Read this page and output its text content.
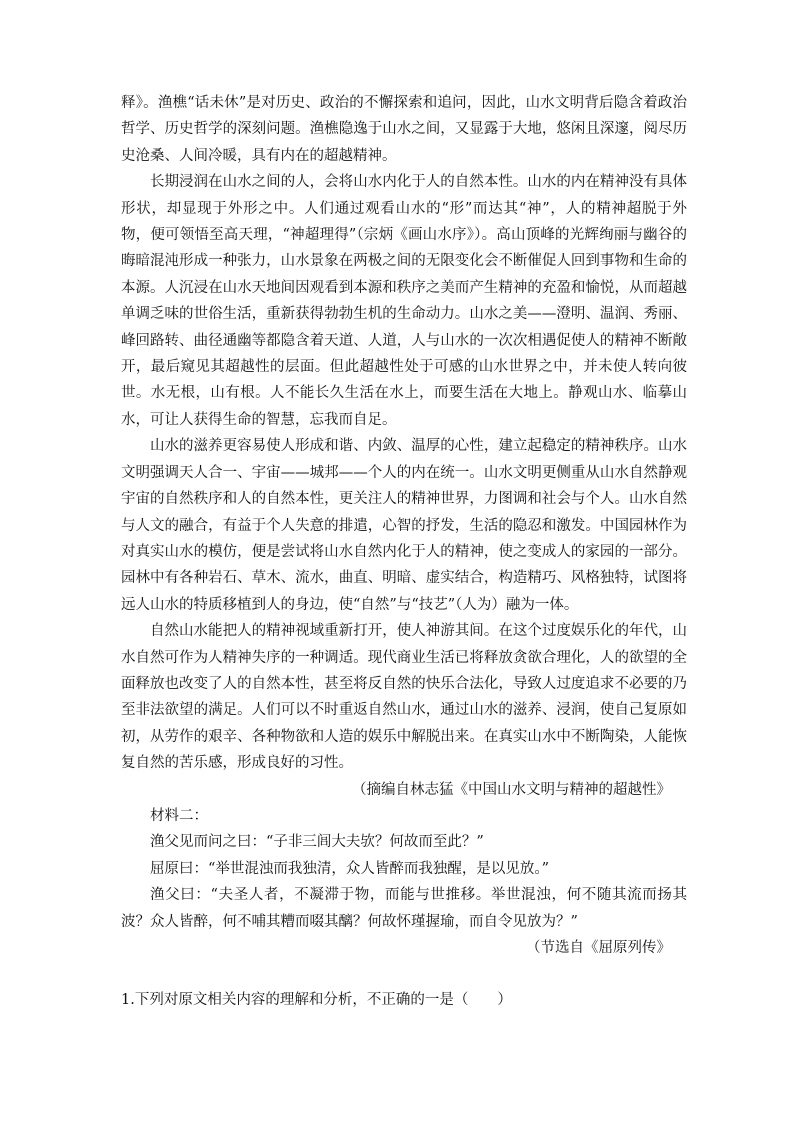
释》。渔樵“话未休”是对历史、政治的不懈探索和追问，因此，山水文明背后隐含着政治哲学、历史哲学的深刻问题。渔樵隐逸于山水之间，又显露于大地，悠闲且深邃，阅尽历史沧桑、人间冷暖，具有内在的超越精神。

长期浸润在山水之间的人，会将山水内化于人的自然本性。山水的内在精神没有具体形状，却显现于外形之中。人们通过观看山水的“形”而达其“神”，人的精神超脱于外物，便可领悟至高天理，“神超理得”（宗炳《画山水序》）。高山顶峰的光辉绚丽与幽谷的晦暗混沌形成一种张力，山水景象在两极之间的无限变化会不断催促人回到事物和生命的本源。人沉浸在山水天地间因观看到本源和秩序之美而产生精神的充盈和愉悦，从而超越单调乏味的世俗生活，重新获得勃勃生机的生命动力。山水之美——澄明、温润、秀丽、峰回路转、曲径通幽等都隐含着天道、人道，人与山水的一次次相遇促使人的精神不断敞开，最后窥见其超越性的层面。但此超越性处于可感的山水世界之中，并未使人转向彼世。水无根，山有根。人不能长久生活在水上，而要生活在大地上。静观山水、临摹山水，可让人获得生命的智慧，忘我而自足。

山水的滋养更容易使人形成和谐、内敛、温厚的心性，建立起稳定的精神秩序。山水文明强调天人合一、宇宙——城邦——个人的内在统一。山水文明更侧重从山水自然静观宇宙的自然秩序和人的自然本性，更关注人的精神世界，力图调和社会与个人。山水自然与人文的融合，有益于个人失意的排遣，心智的抒发，生活的隐忍和激发。中国园林作为对真实山水的模仿，便是尝试将山水自然内化于人的精神，使之变成人的家园的一部分。园林中有各种岩石、草木、流水，曲直、明暗、虚实结合，构造精巧、风格独特，试图将远人山水的特质移植到人的身边，使“自然”与“技艺”（人为）融为一体。

自然山水能把人的精神视域重新打开，使人神游其间。在这个过度娱乐化的年代，山水自然可作为人精神失序的一种调适。现代商业生活已将释放贪欲合理化，人的欲望的全面释放也改变了人的自然本性，甚至将反自然的快乐合法化，导致人过度追求不必要的乃至非法欲望的满足。人们可以不时重返自然山水，通过山水的滋养、浸润，使自己复原如初，从劳作的艰辛、各种物欲和人造的娱乐中解脱出来。在真实山水中不断陶染，人能恢复自然的苦乐感，形成良好的习性。

（摘编自林志猛《中国山水文明与精神的超越性》

材料二：

渔父见而问之曰：“子非三闾大夫欤？何故而至此？”

屈原曰：“举世混浊而我独清，众人皆醉而我独醒，是以见放。”

渔父曰：“夫圣人者，不凝滞于物，而能与世推移。举世混浊，何不随其流而扬其波？众人皆醉，何不哺其糟而啜其醨？何故怀瑾握瑜，而自令见放为？”

（节选自《屈原列传》

1.下列对原文相关内容的理解和分析，不正确的一是（　　）
